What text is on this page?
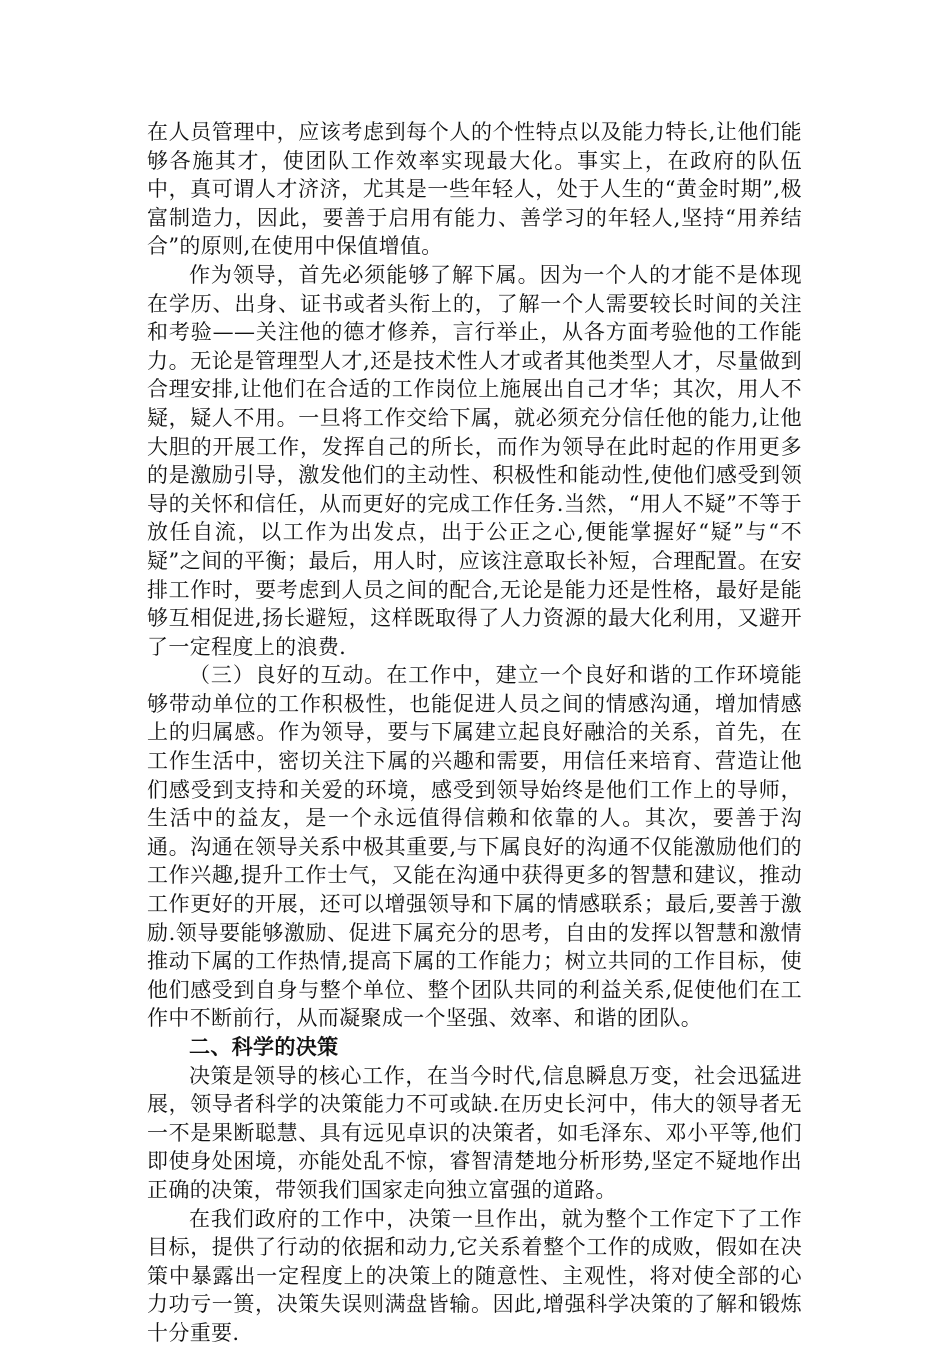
在人员管理中，应该考虑到每个人的个性特点以及能力特长,让他们能够各施其才，使团队工作效率实现最大化。事实上，在政府的队伍中，真可谓人才济济，尤其是一些年轻人，处于人生的“黄金时期”,极富制造力，因此，要善于启用有能力、善学习的年轻人,坚持“用养结合”的原则,在使用中保值增值。

作为领导，首先必须能够了解下属。因为一个人的才能不是体现在学历、出身、证书或者头衔上的，了解一个人需要较长时间的关注和考验——关注他的德才修养，言行举止，从各方面考验他的工作能力。无论是管理型人才,还是技术性人才或者其他类型人才，尽量做到合理安排,让他们在合适的工作岗位上施展出自己才华；其次，用人不疑，疑人不用。一旦将工作交给下属，就必须充分信任他的能力,让他大胆的开展工作，发挥自己的所长，而作为领导在此时起的作用更多的是激励引导，激发他们的主动性、积极性和能动性,使他们感受到领导的关怀和信任，从而更好的完成工作任务.当然，“用人不疑”不等于放任自流，以工作为出发点，出于公正之心,便能掌握好“疑”与“不疑”之间的平衡；最后，用人时，应该注意取长补短，合理配置。在安排工作时，要考虑到人员之间的配合,无论是能力还是性格，最好是能够互相促进,扬长避短，这样既取得了人力资源的最大化利用，又避开了一定程度上的浪费.

（三）良好的互动。在工作中，建立一个良好和谐的工作环境能够带动单位的工作积极性，也能促进人员之间的情感沟通，增加情感上的归属感。作为领导，要与下属建立起良好融洽的关系，首先，在工作生活中，密切关注下属的兴趣和需要，用信任来培育、营造让他们感受到支持和关爱的环境，感受到领导始终是他们工作上的导师，生活中的益友，是一个永远值得信赖和依靠的人。其次，要善于沟通。沟通在领导关系中极其重要,与下属良好的沟通不仅能激励他们的工作兴趣,提升工作士气，又能在沟通中获得更多的智慧和建议，推动工作更好的开展，还可以增强领导和下属的情感联系；最后,要善于激励.领导要能够激励、促进下属充分的思考，自由的发挥以智慧和激情推动下属的工作热情,提高下属的工作能力；树立共同的工作目标，使他们感受到自身与整个单位、整个团队共同的利益关系,促使他们在工作中不断前行，从而凝聚成一个坚强、效率、和谐的团队。

二、科学的决策

决策是领导的核心工作，在当今时代,信息瞬息万变，社会迅猛进展，领导者科学的决策能力不可或缺.在历史长河中，伟大的领导者无一不是果断聪慧、具有远见卓识的决策者，如毛泽东、邓小平等,他们即使身处困境，亦能处乱不惊，睿智清楚地分析形势,坚定不疑地作出正确的决策，带领我们国家走向独立富强的道路。

在我们政府的工作中，决策一旦作出，就为整个工作定下了工作目标，提供了行动的依据和动力,它关系着整个工作的成败，假如在决策中暴露出一定程度上的决策上的随意性、主观性，将对使全部的心力功亏一篑，决策失误则满盘皆输。因此,增强科学决策的了解和锻炼十分重要.
